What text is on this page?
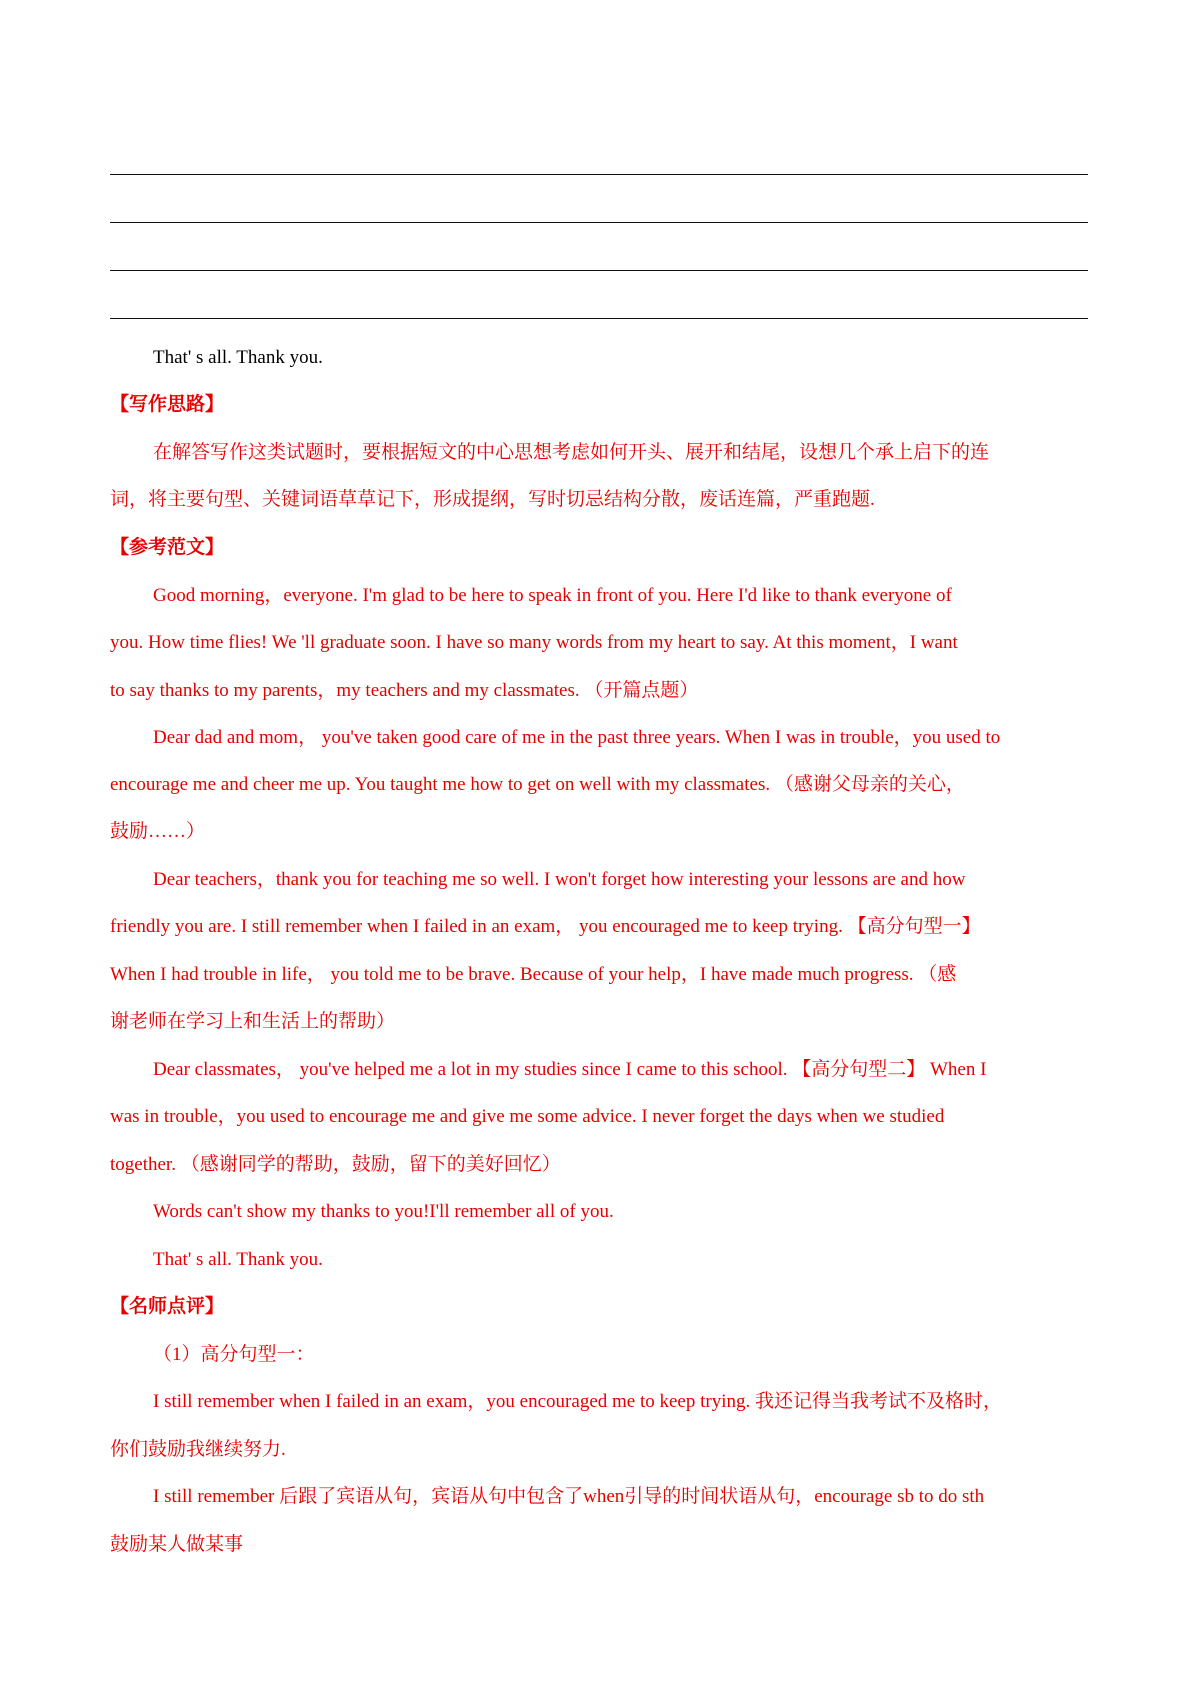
That' s all. Thank you.
【写作思路】
在解答写作这类试题时，要根据短文的中心思想考虑如何开头、展开和结尾，设想几个承上启下的连
词，将主要句型、关键词语草草记下，形成提纲，写时切忌结构分散，废话连篇，严重跑题.
【参考范文】
Good morning，everyone. I'm glad to be here to speak in front of you. Here I'd like to thank everyone of
you. How time flies! We 'll graduate soon. I have so many words from my heart to say. At this moment，I want
to say thanks to my parents，my teachers and my classmates. （开篇点题）
Dear dad and mom， you've taken good care of me in the past three years. When I was in trouble，you used to
encourage me and cheer me up. You taught me how to get on well with my classmates. （感谢父母亲的关心，
鼓励……）
Dear teachers，thank you for teaching me so well. I won't forget how interesting your lessons are and how
friendly you are. I still remember when I failed in an exam， you encouraged me to keep trying. 【高分句型一】
When I had trouble in life， you told me to be brave. Because of your help，I have made much progress. （感
谢老师在学习上和生活上的帮助）
Dear classmates， you've helped me a lot in my studies since I came to this school. 【高分句型二】 When I
was in trouble，you used to encourage me and give me some advice. I never forget the days when we studied
together. （感谢同学的帮助，鼓励，留下的美好回忆）
Words can't show my thanks to you!I'll remember all of you.
That' s all. Thank you.
【名师点评】
（1）高分句型一：
I still remember when I failed in an exam，you encouraged me to keep trying. 我还记得当我考试不及格时，
你们鼓励我继续努力.
I still remember 后跟了宾语从句，宾语从句中包含了when引导的时间状语从句，encourage sb to do sth
鼓励某人做某事
